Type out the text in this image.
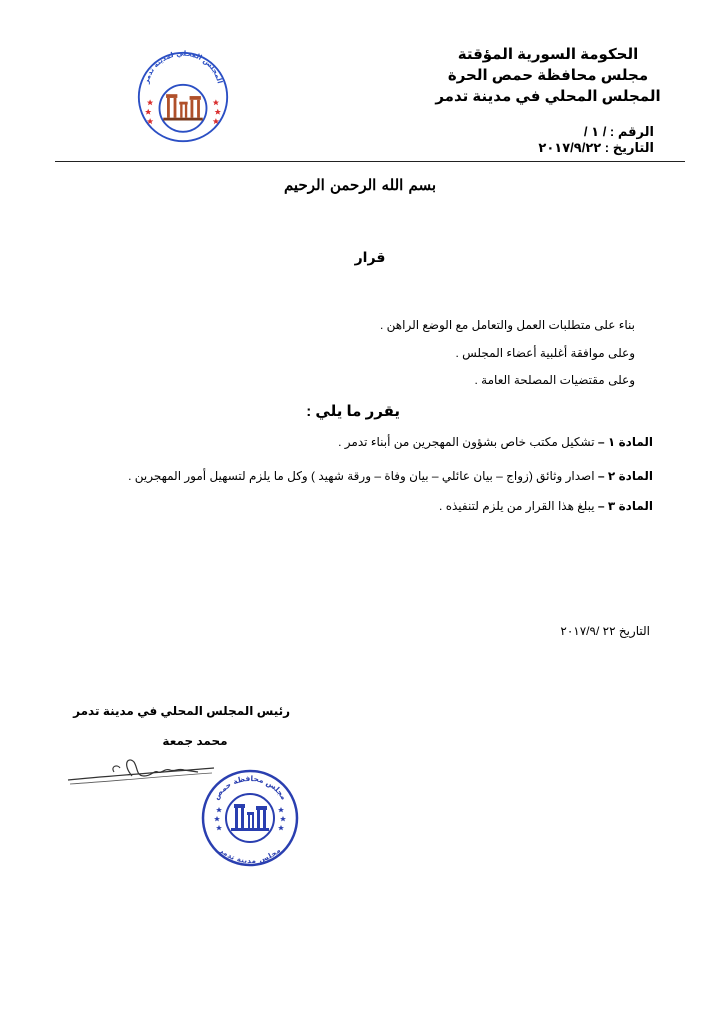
المجلس المحلي لمدينة تدمر
الحكومة السورية المؤقتة
مجلس محافظة حمص الحرة
المجلس المحلي في مدينة تدمر
الرقم : / ١ /
التاريخ : ٢٠١٧/٩/٢٢
بسم الله الرحمن الرحيم
قرار
بناء على متطلبات العمل والتعامل مع الوضع الراهن .
وعلى موافقة أغلبية أعضاء المجلس .
وعلى مقتضيات المصلحة العامة .
يقرر ما يلي :
المادة ١ – تشكيل مكتب خاص بشؤون المهجرين من أبناء تدمر .
المادة ٢ – اصدار وثائق (زواج – بيان عائلي – بيان وفاة – ورقة شهيد ) وكل ما يلزم لتسهيل أمور المهجرين .
المادة ٣ – يبلغ هذا القرار من يلزم لتنفيذه .
التاريخ ٢٢ /٢٠١٧/٩
رئيس المجلس المحلي في مدينة تدمر
محمد جمعة
مجلس محافظة حمص
مجلس مدينة تدمر
